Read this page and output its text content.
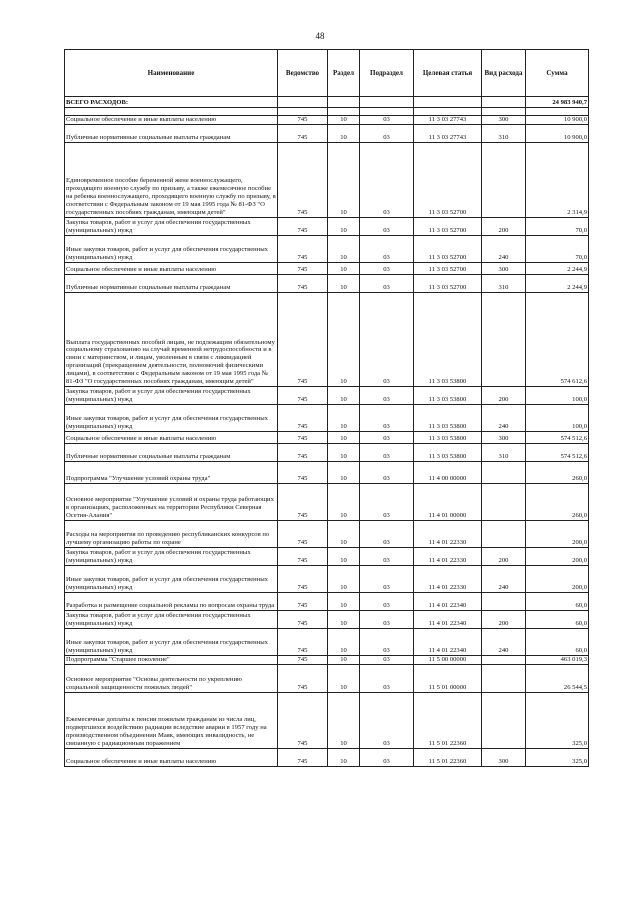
48
Наименование	Ведомство	Раздел	Подраздел	Целевая статья	Вид расхода	Сумма
ВСЕГО РАСХОДОВ:						24 983 940,7

Социальное обеспечение и иные выплаты населению	745	10	03	11 3 03 27743	300	10 900,0
Публичные нормативные социальные выплаты гражданам	745	10	03	11 3 03 27743	310	10 900,0
Единовременное пособие беременной жене военнослужащего, проходящего военную службу по призыву, а также ежемесячное пособие на ребенка военнослужащего, проходящего военную службу по призыву, в соответствии с Федеральным законом от 19 мая 1995 года № 81-ФЗ "О государственных пособиях гражданам, имеющим детей"	745	10	03	11 3 03 52700		2 314,9
Закупка товаров, работ и услуг для обеспечения государственных (муниципальных) нужд	745	10	03	11 3 03 52700	200	70,0
Иные закупки товаров, работ и услуг для обеспечения государственных (муниципальных) нужд	745	10	03	11 3 03 52700	240	70,0
Социальное обеспечение и иные выплаты населению	745	10	03	11 3 03 52700	300	2 244,9
Публичные нормативные социальные выплаты гражданам	745	10	03	11 3 03 52700	310	2 244,9
Выплата государственных пособий лицам, не подлежащим обязательному социальному страхованию на случай временной нетрудоспособности и в связи с материнством, и лицам, уволенным в связи с ликвидацией организаций (прекращением деятельности, полномочий физическими лицами), в соответствии с Федеральным законом от 19 мая 1995 года № 81-ФЗ "О государственных пособиях гражданам, имеющим детей"	745	10	03	11 3 03 53800		574 612,6
Закупка товаров, работ и услуг для обеспечения государственных (муниципальных) нужд	745	10	03	11 3 03 53800	200	100,0
Иные закупки товаров, работ и услуг для обеспечения государственных (муниципальных) нужд	745	10	03	11 3 03 53800	240	100,0
Социальное обеспечение и иные выплаты населению	745	10	03	11 3 03 53800	300	574 512,6
Публичные нормативные социальные выплаты гражданам	745	10	03	11 3 03 53800	310	574 512,6
Подпрограмма "Улучшение условий охраны труда"	745	10	03	11 4 00 00000		260,0
Основное мероприятие "Улучшение условий и охраны труда работающих в организациях, расположенных на территории Республики Северная Осетия-Алания"	745	10	03	11 4 01 00000		260,0
Расходы на мероприятия по проведению республиканских конкурсов по лучшему организацию работы по охране	745	10	03	11 4 01 22330		200,0
Закупка товаров, работ и услуг для обеспечения государственных (муниципальных) нужд	745	10	03	11 4 01 22330	200	200,0
Иные закупки товаров, работ и услуг для обеспечения государственных (муниципальных) нужд	745	10	03	11 4 01 22330	240	200,0
Разработка и размещение социальной рекламы по вопросам охраны труда	745	10	03	11 4 01 22340		60,0
Закупка товаров, работ и услуг для обеспечения государственных (муниципальных) нужд	745	10	03	11 4 01 22340	200	60,0
Иные закупки товаров, работ и услуг для обеспечения государственных (муниципальных) нужд	745	10	03	11 4 01 22340	240	60,0
Подпрограмма "Старшее поколение"	745	10	03	11 5 00 00000		463 019,3
Основное мероприятие "Основы деятельности по укреплению социальной защищенности пожилых людей"	745	10	03	11 5 01 00000		26 544,5
Ежемесячные доплаты к пенсии пожилым гражданам из числа лиц, подвергшихся воздействию радиации вследствие аварии в 1957 году на производственном объединении Маяк, имеющих инвалидность, не связанную с радиационным поражением	745	10	03	11 5 01 22360		325,0
Социальное обеспечение и иные выплаты населению	745	10	03	11 5 01 22360	300	325,0
